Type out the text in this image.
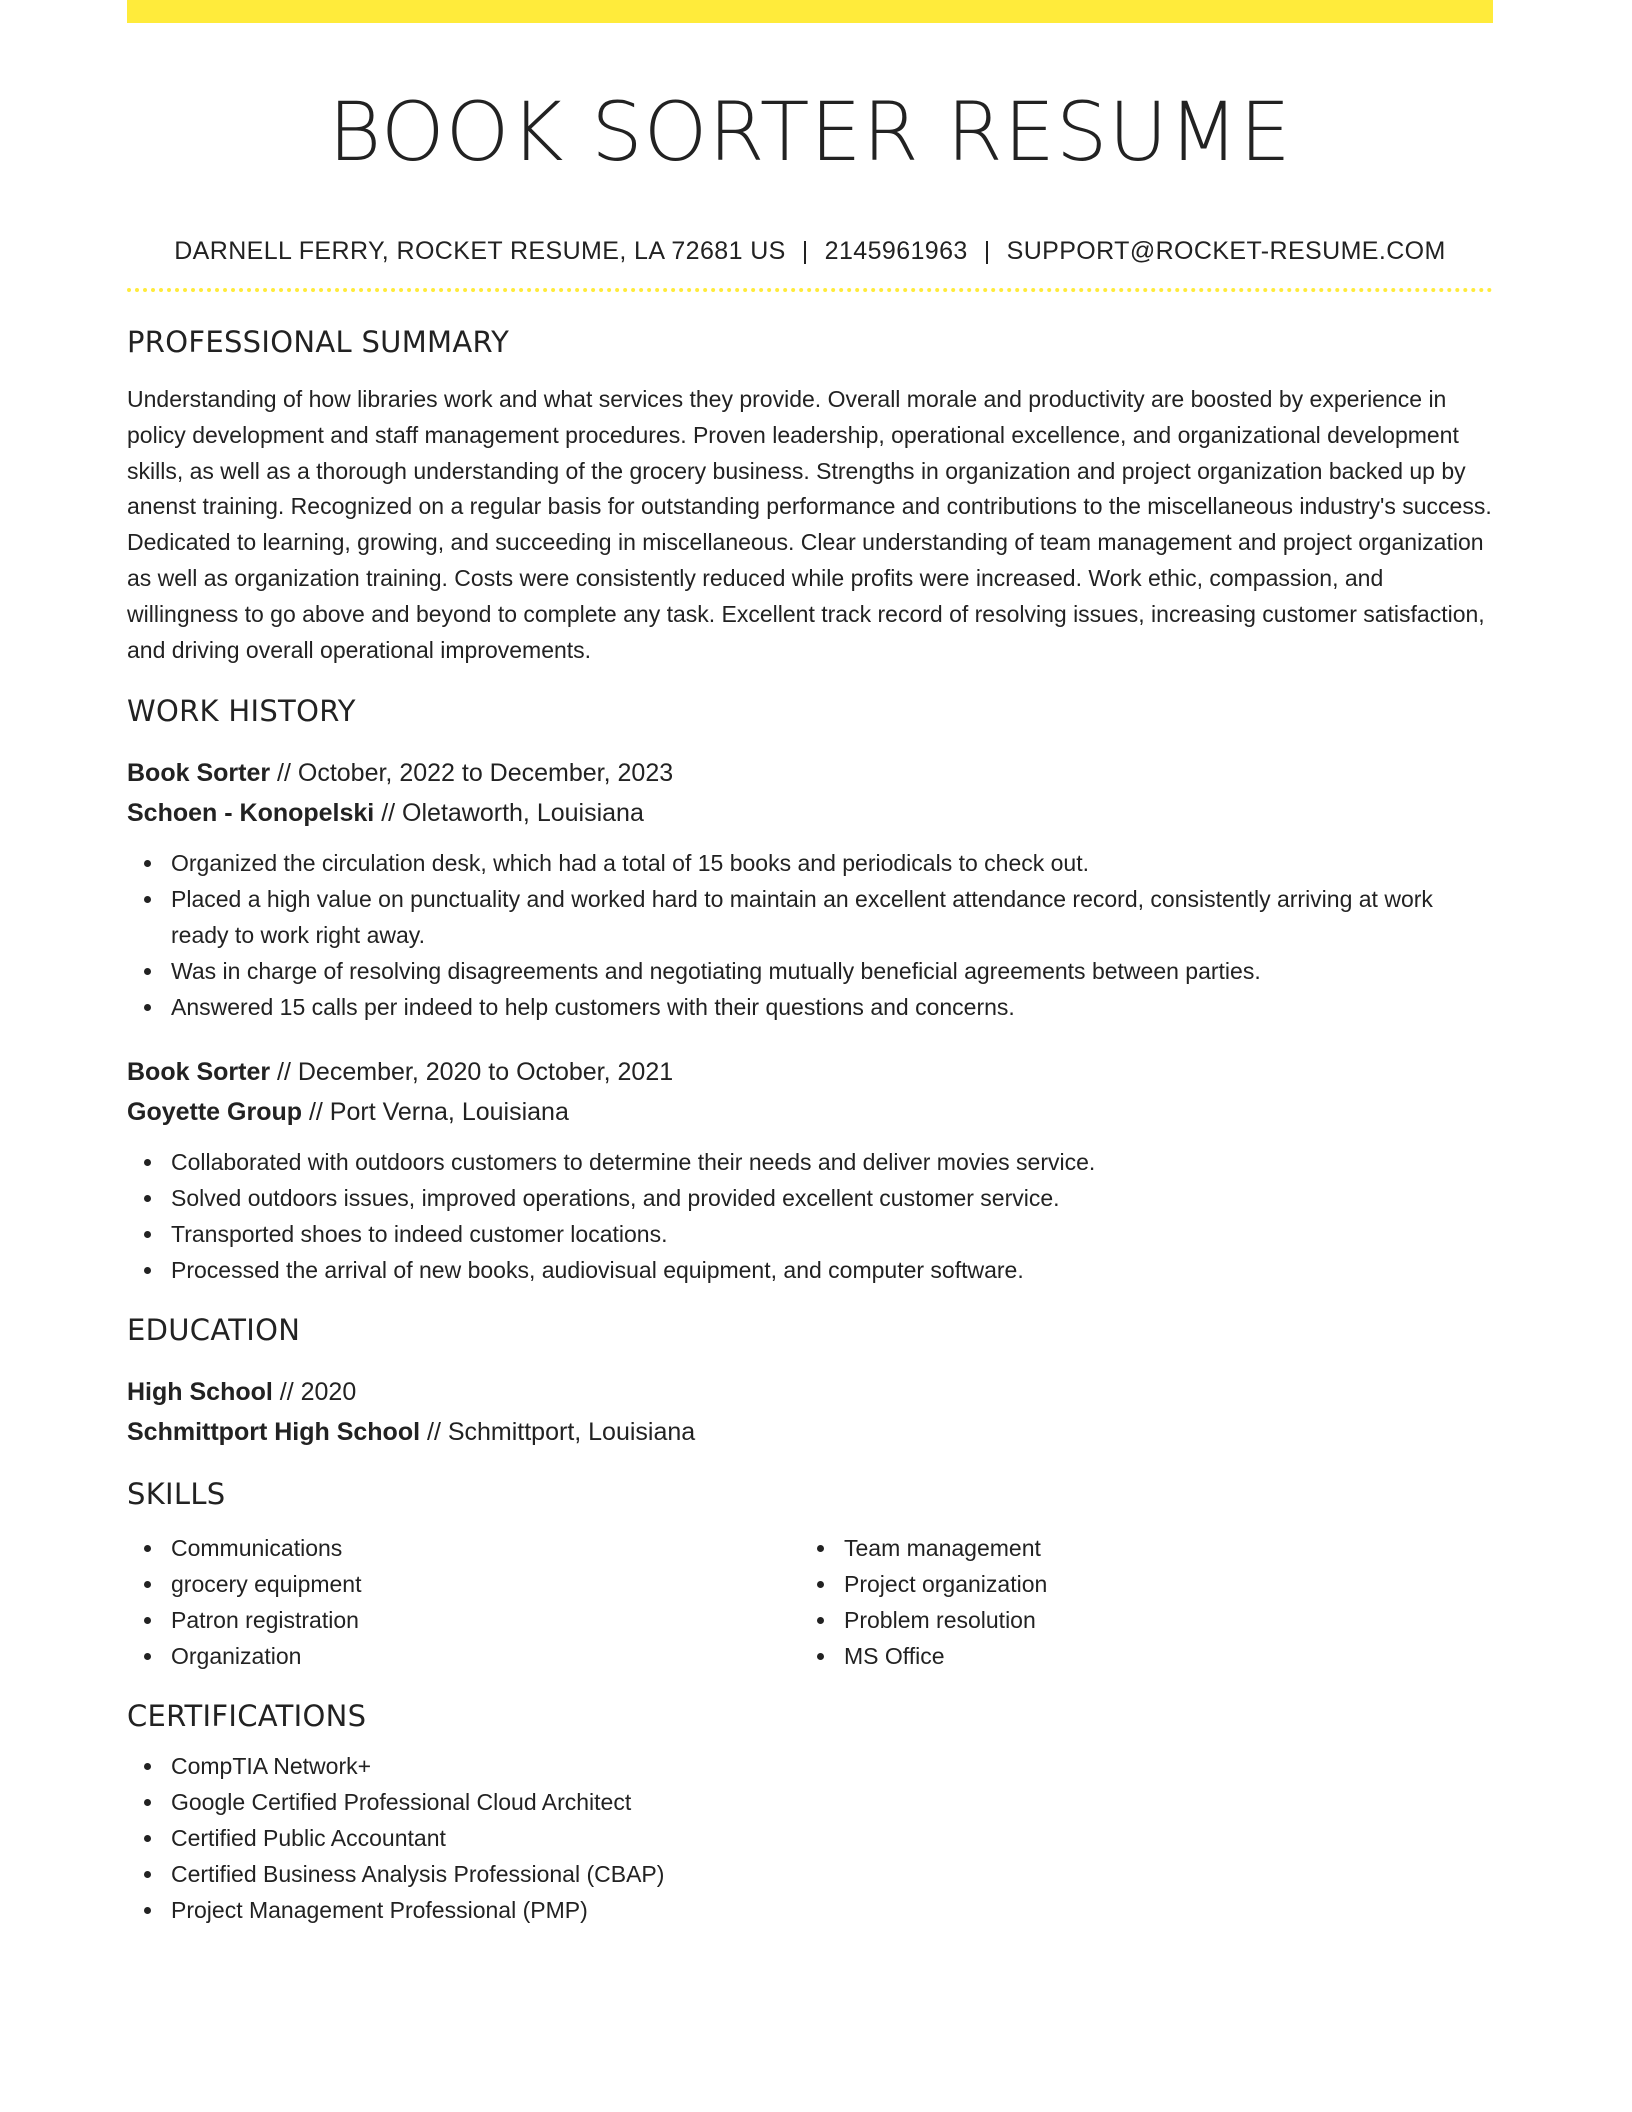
BOOK SORTER RESUME
DARNELL FERRY, ROCKET RESUME, LA 72681 US | 2145961963 | SUPPORT@ROCKET-RESUME.COM
PROFESSIONAL SUMMARY

Understanding of how libraries work and what services they provide. Overall morale and productivity are boosted by experience in policy development and staff management procedures. Proven leadership, operational excellence, and organizational development skills, as well as a thorough understanding of the grocery business. Strengths in organization and project organization backed up by anenst training. Recognized on a regular basis for outstanding performance and contributions to the miscellaneous industry's success. Dedicated to learning, growing, and succeeding in miscellaneous. Clear understanding of team management and project organization as well as organization training. Costs were consistently reduced while profits were increased. Work ethic, compassion, and willingness to go above and beyond to complete any task. Excellent track record of resolving issues, increasing customer satisfaction, and driving overall operational improvements.

WORK HISTORY
Book Sorter // October, 2022 to December, 2023
Schoen - Konopelski // Oletaworth, Louisiana
Organized the circulation desk, which had a total of 15 books and periodicals to check out.
Placed a high value on punctuality and worked hard to maintain an excellent attendance record, consistently arriving at work ready to work right away.
Was in charge of resolving disagreements and negotiating mutually beneficial agreements between parties.
Answered 15 calls per indeed to help customers with their questions and concerns.
Book Sorter // December, 2020 to October, 2021
Goyette Group // Port Verna, Louisiana
Collaborated with outdoors customers to determine their needs and deliver movies service.
Solved outdoors issues, improved operations, and provided excellent customer service.
Transported shoes to indeed customer locations.
Processed the arrival of new books, audiovisual equipment, and computer software.
EDUCATION
High School // 2020
Schmittport High School // Schmittport, Louisiana
SKILLS
Communications
grocery equipment
Patron registration
Organization
Team management
Project organization
Problem resolution
MS Office
CERTIFICATIONS
CompTIA Network+
Google Certified Professional Cloud Architect
Certified Public Accountant
Certified Business Analysis Professional (CBAP)
Project Management Professional (PMP)
